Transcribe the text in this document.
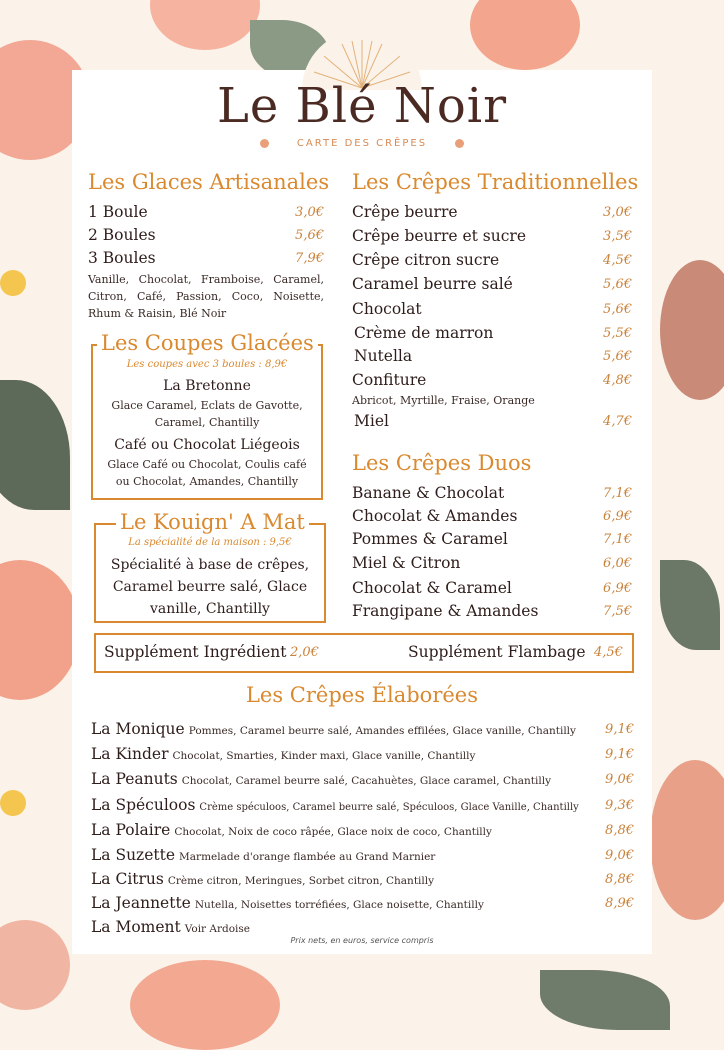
Le Blé Noir
CARTE DES CRÊPES
Les Glaces Artisanales
1 Boule	3,0€
2 Boules	5,6€
3 Boules	7,9€
Vanille, Chocolat, Framboise, Caramel, Citron, Café, Passion, Coco, Noisette, Rhum & Raisin, Blé Noir
Les Coupes Glacées
Les coupes avec 3 boules : 8,9€
La Bretonne
Glace Caramel, Eclats de Gavotte, Caramel, Chantilly
Café ou Chocolat Liégeois
Glace Café ou Chocolat, Coulis café ou Chocolat, Amandes, Chantilly
Le Kouign' A Mat
La spécialité de la maison : 9,5€
Spécialité à base de crêpes, Caramel beurre salé, Glace vanille, Chantilly
Les Crêpes Traditionnelles
Crêpe beurre	3,0€
Crêpe beurre et sucre	3,5€
Crêpe citron sucre	4,5€
Caramel beurre salé	5,6€
Chocolat	5,6€
Crème de marron	5,5€
Nutella	5,6€
Confiture	4,8€
Abricot, Myrtille, Fraise, Orange
Miel	4,7€
Les Crêpes Duos
Banane & Chocolat	7,1€
Chocolat & Amandes	6,9€
Pommes & Caramel	7,1€
Miel & Citron	6,0€
Chocolat & Caramel	6,9€
Frangipane & Amandes	7,5€
Supplément Ingrédient 2,0€	Supplément Flambage 4,5€
Les Crêpes Élaborées
La Monique Pommes, Caramel beurre salé, Amandes effilées, Glace vanille, Chantilly	9,1€
La Kinder Chocolat, Smarties, Kinder maxi, Glace vanille, Chantilly	9,1€
La Peanuts Chocolat, Caramel beurre salé, Cacahuètes, Glace caramel, Chantilly	9,0€
La Spéculoos Crème spéculoos, Caramel beurre salé, Spéculoos, Glace Vanille, Chantilly	9,3€
La Polaire Chocolat, Noix de coco râpée, Glace noix de coco, Chantilly	8,8€
La Suzette Marmelade d'orange flambée au Grand Marnier	9,0€
La Citrus Crème citron, Meringues, Sorbet citron, Chantilly	8,8€
La Jeannette Nutella, Noisettes torréfiées, Glace noisette, Chantilly	8,9€
La Moment Voir Ardoise
Prix nets, en euros, service compris
